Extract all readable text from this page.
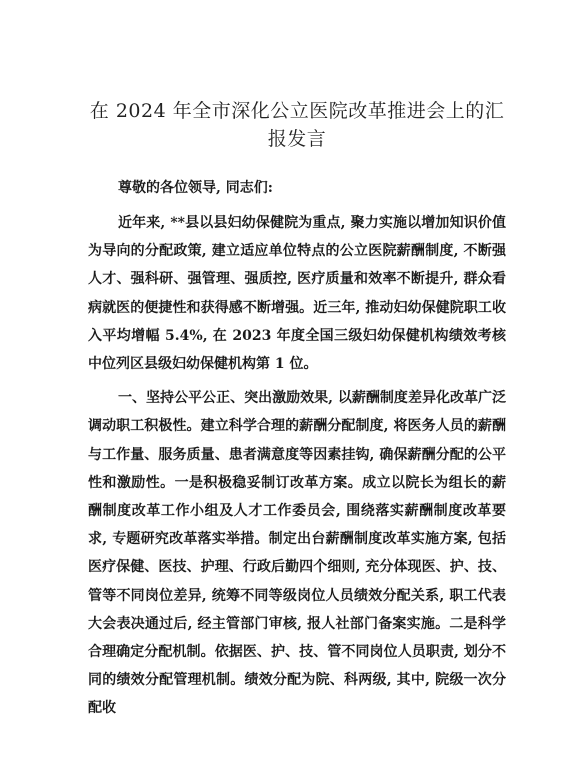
在 2024 年全市深化公立医院改革推进会上的汇报发言

尊敬的各位领导, 同志们:

近年来, **县以县妇幼保健院为重点, 聚力实施以增加知识价值为导向的分配政策, 建立适应单位特点的公立医院薪酬制度, 不断强人才、强科研、强管理、强质控, 医疗质量和效率不断提升, 群众看病就医的便捷性和获得感不断增强。近三年, 推动妇幼保健院职工收入平均增幅 5.4%, 在 2023 年度全国三级妇幼保健机构绩效考核中位列区县级妇幼保健机构第 1 位。

一、坚持公平公正、突出激励效果, 以薪酬制度差异化改革广泛调动职工积极性。建立科学合理的薪酬分配制度, 将医务人员的薪酬与工作量、服务质量、患者满意度等因素挂钩, 确保薪酬分配的公平性和激励性。一是积极稳妥制订改革方案。成立以院长为组长的薪酬制度改革工作小组及人才工作委员会, 围绕落实薪酬制度改革要求, 专题研究改革落实举措。制定出台薪酬制度改革实施方案, 包括医疗保健、医技、护理、行政后勤四个细则, 充分体现医、护、技、管等不同岗位差异, 统筹不同等级岗位人员绩效分配关系, 职工代表大会表决通过后, 经主管部门审核, 报人社部门备案实施。二是科学合理确定分配机制。依据医、护、技、管不同岗位人员职责, 划分不同的绩效分配管理机制。绩效分配为院、科两级, 其中, 院级一次分配收
